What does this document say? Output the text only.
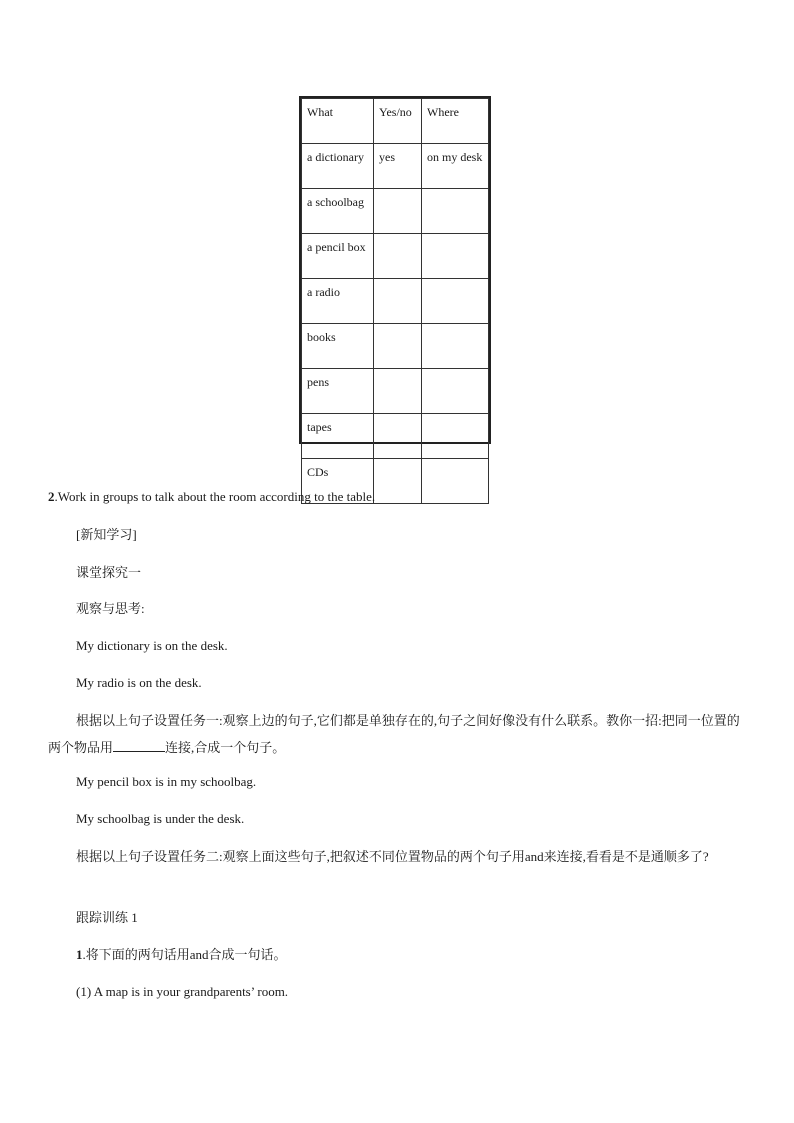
What	Yes/no	Where
a dictionary	yes	on my desk
a schoolbag		
a pencil box		
a radio		
books		
pens		
tapes		
CDs		
2.Work in groups to talk about the room according to the table.
[新知学习]
课堂探究一
观察与思考:
My dictionary is on the desk.
My radio is on the desk.
根据以上句子设置任务一:观察上边的句子,它们都是单独存在的,句子之间好像没有什么联系。教你一招:把同一位置的两个物品用	连接,合成一个句子。
My pencil box is in my schoolbag.
My schoolbag is under the desk.
根据以上句子设置任务二:观察上面这些句子,把叙述不同位置物品的两个句子用and来连接,看看是不是通顺多了?
跟踪训练 1
1.将下面的两句话用and合成一句话。
(1) A map is in your grandparents’ room.
